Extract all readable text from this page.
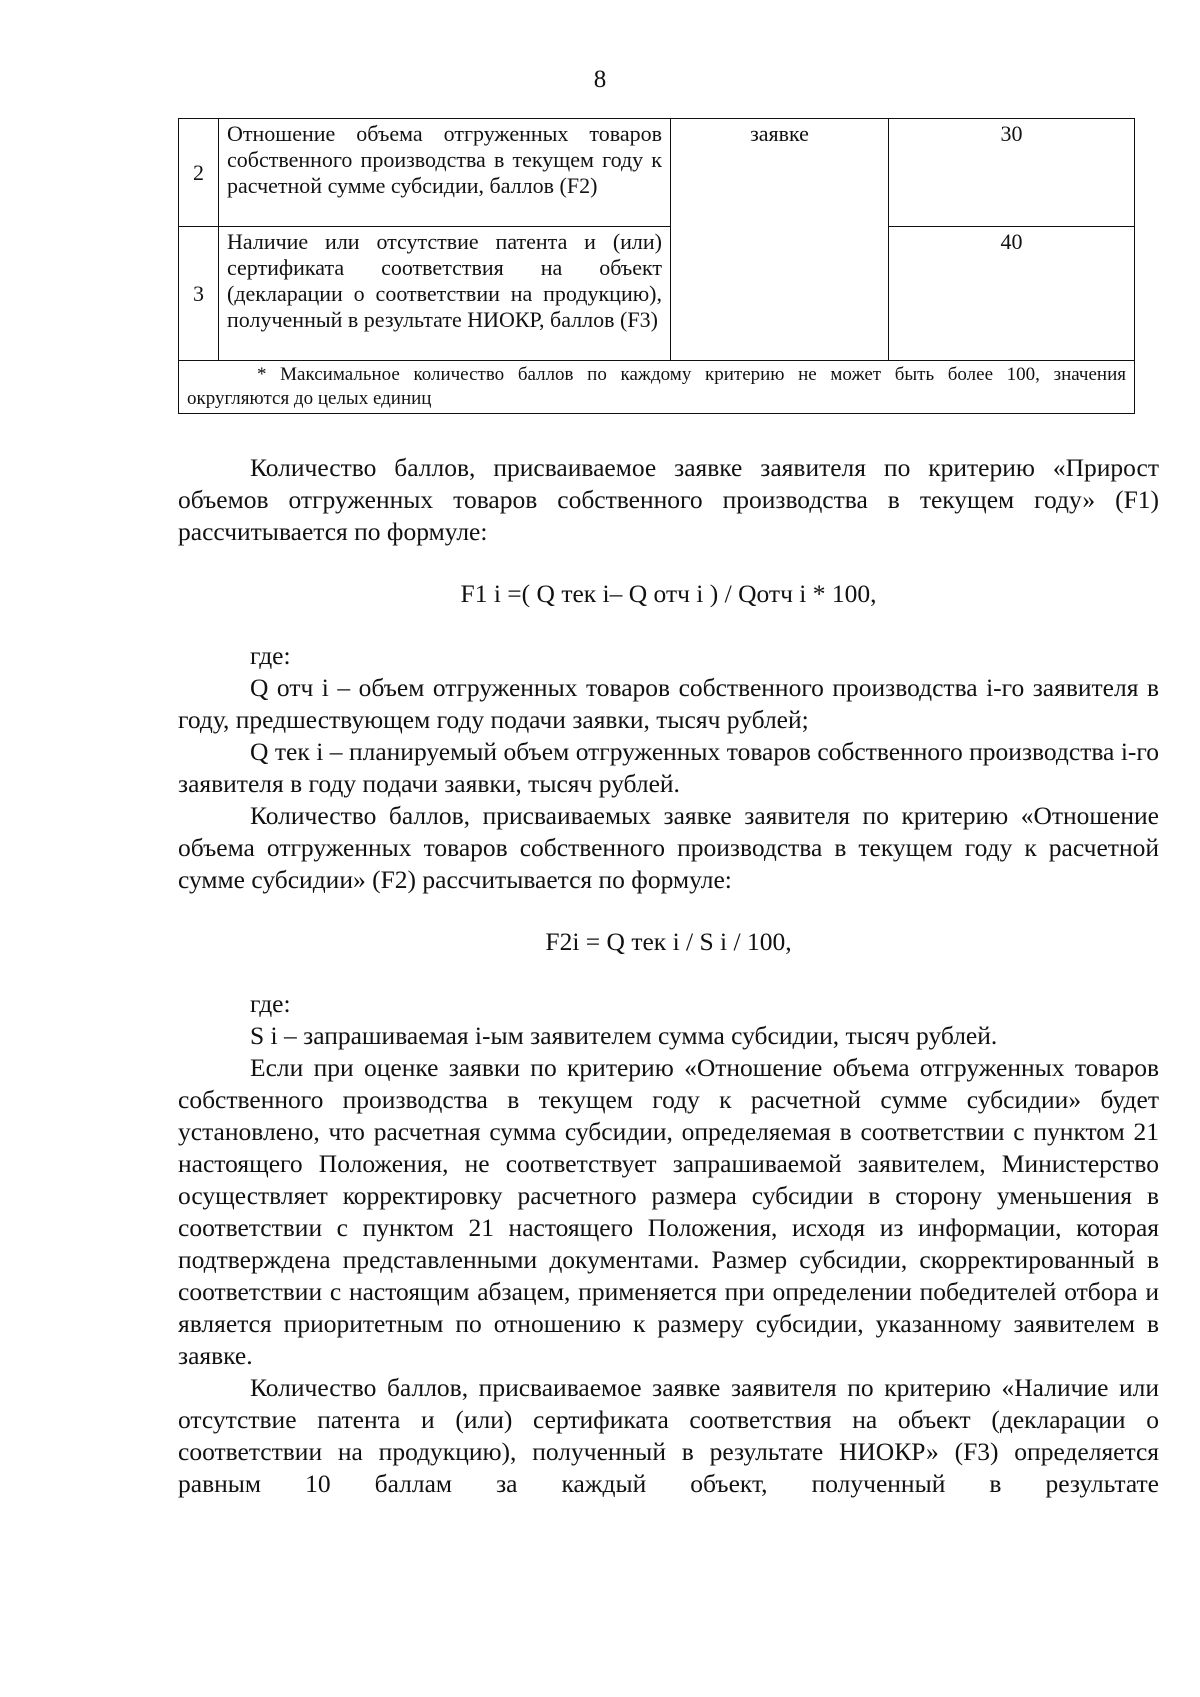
8
2	Отношение объема отгруженных товаров собственного производства в текущем году к расчетной сумме субсидии, баллов (F2)	заявке	30
3	Наличие или отсутствие патента и (или) сертификата соответствия на объект (декларации о соответствии на продукцию), полученный в результате НИОКР, баллов (F3)		40

* Максимальное количество баллов по каждому критерию не может быть более 100, значения
округляются до целых единиц			

Количество баллов, присваиваемое заявке заявителя по критерию «Прирост объемов отгруженных товаров собственного производства в текущем году» (F1) рассчитывается по формуле:

F1 i =( Q тек i– Q отч i ) / Qотч i * 100,

где:

Q отч i – объем отгруженных товаров собственного производства i-го заявителя в году, предшествующем году подачи заявки, тысяч рублей;

Q тек i – планируемый объем отгруженных товаров собственного производства i-го заявителя в году подачи заявки, тысяч рублей.

Количество баллов, присваиваемых заявке заявителя по критерию «Отношение объема отгруженных товаров собственного производства в текущем году к расчетной сумме субсидии» (F2) рассчитывается по формуле:

F2i = Q тек i / S i / 100,

где:

S i – запрашиваемая i-ым заявителем сумма субсидии, тысяч рублей.

Если при оценке заявки по критерию «Отношение объема отгруженных товаров собственного производства в текущем году к расчетной сумме субсидии» будет установлено, что расчетная сумма субсидии, определяемая в соответствии с пунктом 21 настоящего Положения, не соответствует запрашиваемой заявителем, Министерство осуществляет корректировку расчетного размера субсидии в сторону уменьшения в соответствии с пунктом 21 настоящего Положения, исходя из информации, которая подтверждена представленными документами. Размер субсидии, скорректированный в соответствии с настоящим абзацем, применяется при определении победителей отбора и является приоритетным по отношению к размеру субсидии, указанному заявителем в заявке.

Количество баллов, присваиваемое заявке заявителя по критерию «Наличие или отсутствие патента и (или) сертификата соответствия на объект (декларации о соответствии на продукцию), полученный в результате НИОКР» (F3) определяется равным 10 баллам за каждый объект, полученный в результате
